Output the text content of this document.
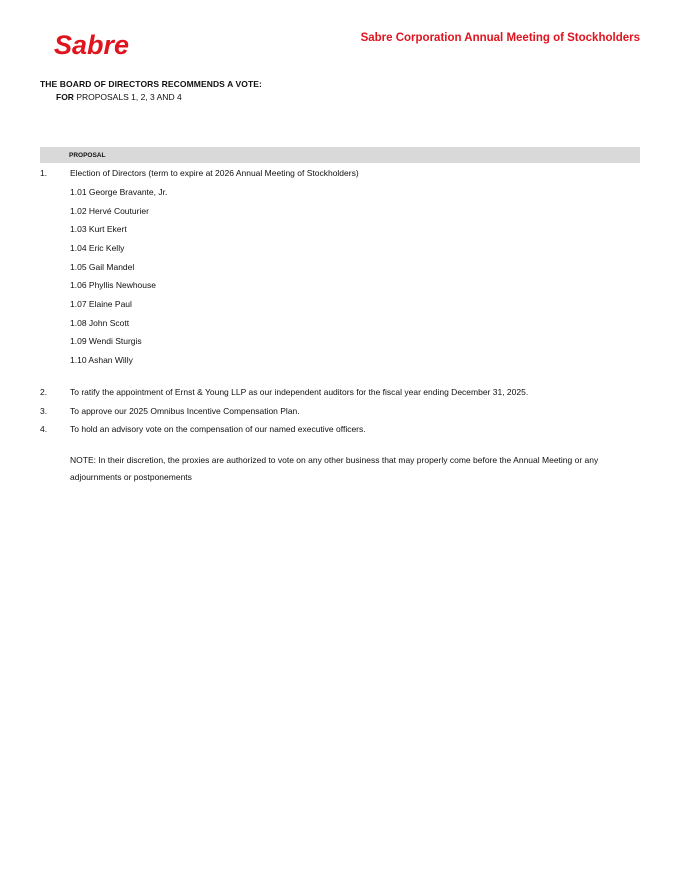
Sabre	Sabre Corporation Annual Meeting of Stockholders
THE BOARD OF DIRECTORS RECOMMENDS A VOTE:
FOR PROPOSALS 1, 2, 3 AND 4
PROPOSAL
1.	Election of Directors (term to expire at 2026 Annual Meeting of Stockholders)
1.01 George Bravante, Jr.
1.02 Hervé Couturier
1.03 Kurt Ekert
1.04 Eric Kelly
1.05 Gail Mandel
1.06 Phyllis Newhouse
1.07 Elaine Paul
1.08 John Scott
1.09 Wendi Sturgis
1.10 Ashan Willy
2.	To ratify the appointment of Ernst & Young LLP as our independent auditors for the fiscal year ending December 31, 2025.
3.	To approve our 2025 Omnibus Incentive Compensation Plan.
4.	To hold an advisory vote on the compensation of our named executive officers.
NOTE: In their discretion, the proxies are authorized to vote on any other business that may properly come before the Annual Meeting or any adjournments or postponements
